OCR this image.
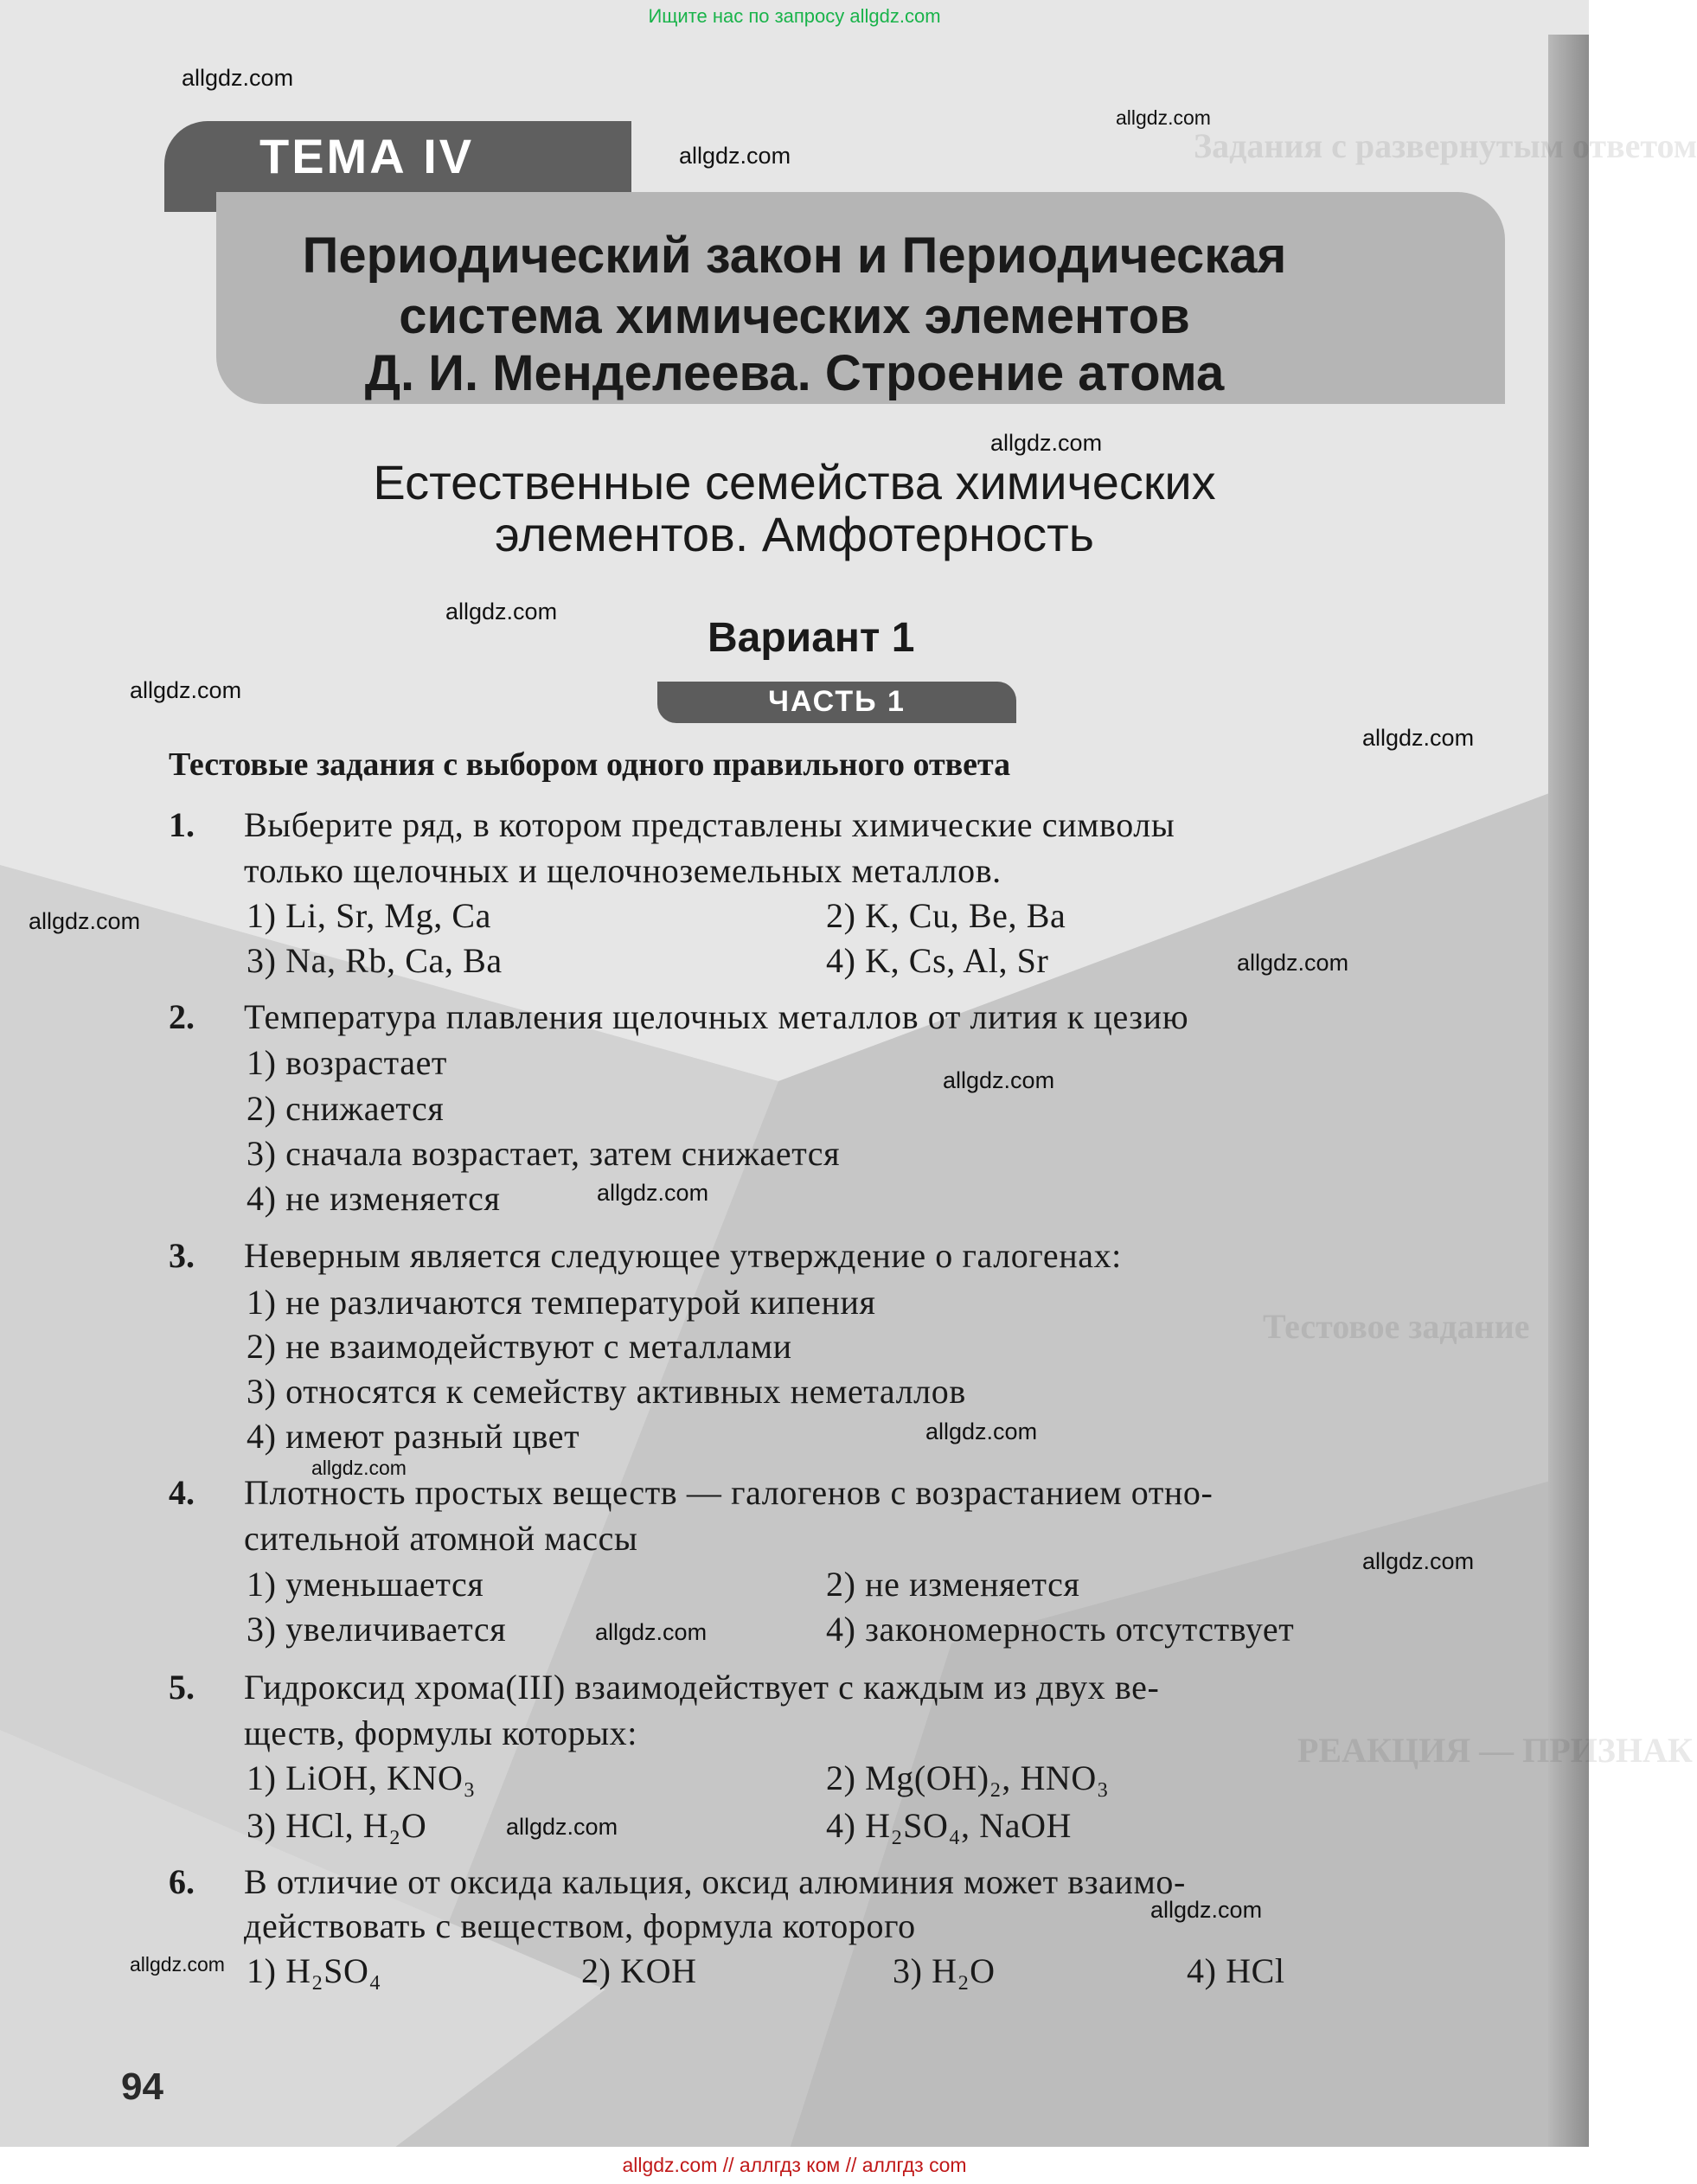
Задания с развернутым ответом
Тестовое задание
РЕАКЦИЯ — ПРИЗНАК
ТЕМА IV
Периодический закон и Периодическая
система химических элементов
Д. И. Менделеева. Строение атома
Естественные семейства химических
элементов. Амфотерность
Вариант 1
ЧАСТЬ 1
Тестовые задания с выбором одного правильного ответа
1. Выберите ряд, в котором представлены химические символы
только щелочных и щелочноземельных металлов.
1) Li, Sr, Mg, Ca	2) K, Cu, Be, Ba
3) Na, Rb, Ca, Ba	4) K, Cs, Al, Sr
2. Температура плавления щелочных металлов от лития к цезию
1) возрастает
2) снижается
3) сначала возрастает, затем снижается
4) не изменяется
3. Неверным является следующее утверждение о галогенах:
1) не различаются температурой кипения
2) не взаимодействуют с металлами
3) относятся к семейству активных неметаллов
4) имеют разный цвет
4. Плотность простых веществ — галогенов с возрастанием отно-
сительной атомной массы
1) уменьшается	2) не изменяется
3) увеличивается	4) закономерность отсутствует
5. Гидроксид хрома(III) взаимодействует с каждым из двух ве-
ществ, формулы которых:
1) LiOH, KNO₃	2) Mg(OH)₂, HNO₃
3) HCl, H₂O	4) H₂SO₄, NaOH
6. В отличие от оксида кальция, оксид алюминия может взаимо-
действовать с веществом, формула которого
1) H₂SO₄	2) KOH	3) H₂O	4) HCl
94
allgdz.com
allgdz.com
allgdz.com
allgdz.com
allgdz.com
allgdz.com
allgdz.com
allgdz.com
allgdz.com
allgdz.com
allgdz.com
allgdz.com
allgdz.com
allgdz.com
allgdz.com
allgdz.com
allgdz.com
allgdz.com
Ищите нас по запросу allgdz.com
allgdz.com // аллгдз ком // аллгдз com
